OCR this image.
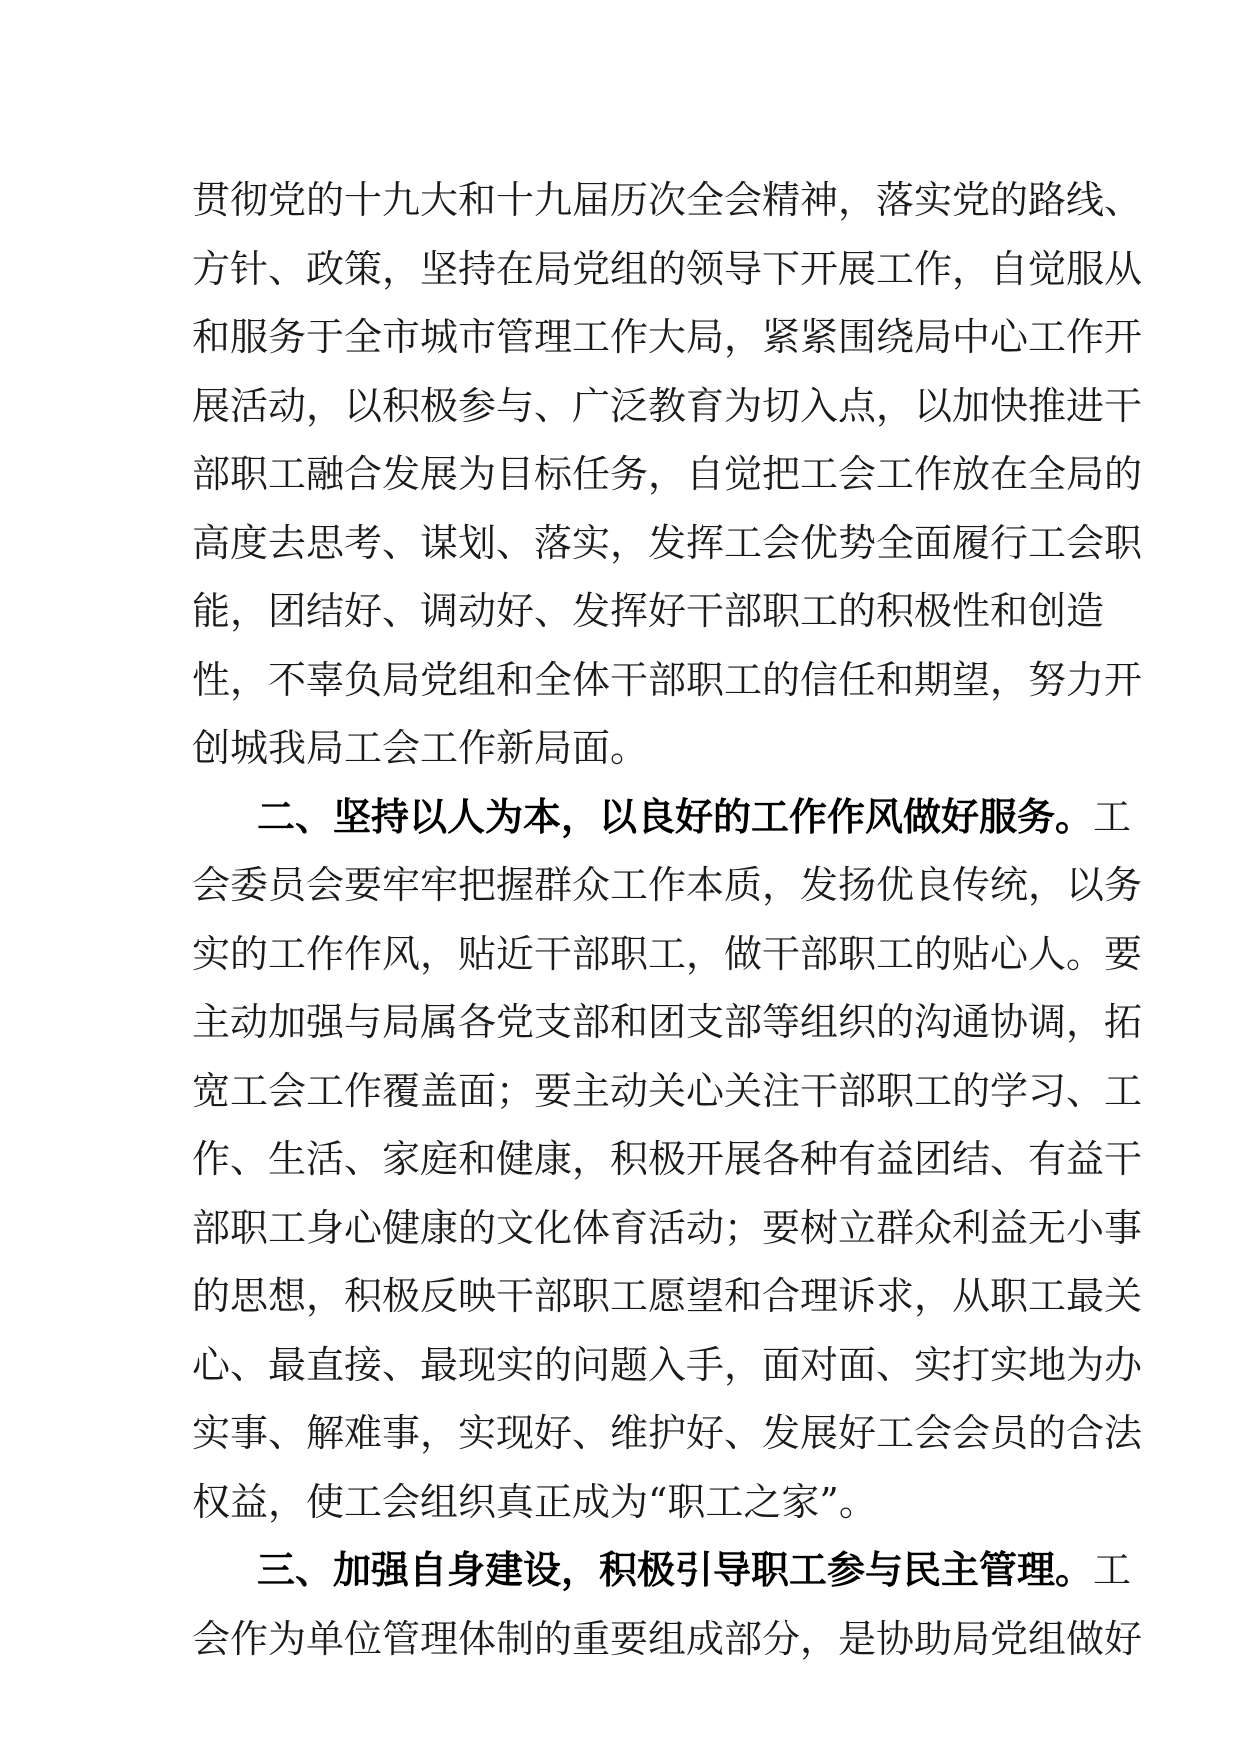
贯彻党的十九大和十九届历次全会精神，落实党的路线、
方针、政策，坚持在局党组的领导下开展工作，自觉服从
和服务于全市城市管理工作大局，紧紧围绕局中心工作开
展活动，以积极参与、广泛教育为切入点，以加快推进干
部职工融合发展为目标任务，自觉把工会工作放在全局的
高度去思考、谋划、落实，发挥工会优势全面履行工会职
能，团结好、调动好、发挥好干部职工的积极性和创造
性，不辜负局党组和全体干部职工的信任和期望，努力开
创城我局工会工作新局面。
二、坚持以人为本，以良好的工作作风做好服务。工
会委员会要牢牢把握群众工作本质，发扬优良传统，以务
实的工作作风，贴近干部职工，做干部职工的贴心人。要
主动加强与局属各党支部和团支部等组织的沟通协调，拓
宽工会工作覆盖面；要主动关心关注干部职工的学习、工
作、生活、家庭和健康，积极开展各种有益团结、有益干
部职工身心健康的文化体育活动；要树立群众利益无小事
的思想，积极反映干部职工愿望和合理诉求，从职工最关
心、最直接、最现实的问题入手，面对面、实打实地为办
实事、解难事，实现好、维护好、发展好工会会员的合法
权益，使工会组织真正成为“职工之家”。
三、加强自身建设，积极引导职工参与民主管理。工
会作为单位管理体制的重要组成部分，是协助局党组做好
